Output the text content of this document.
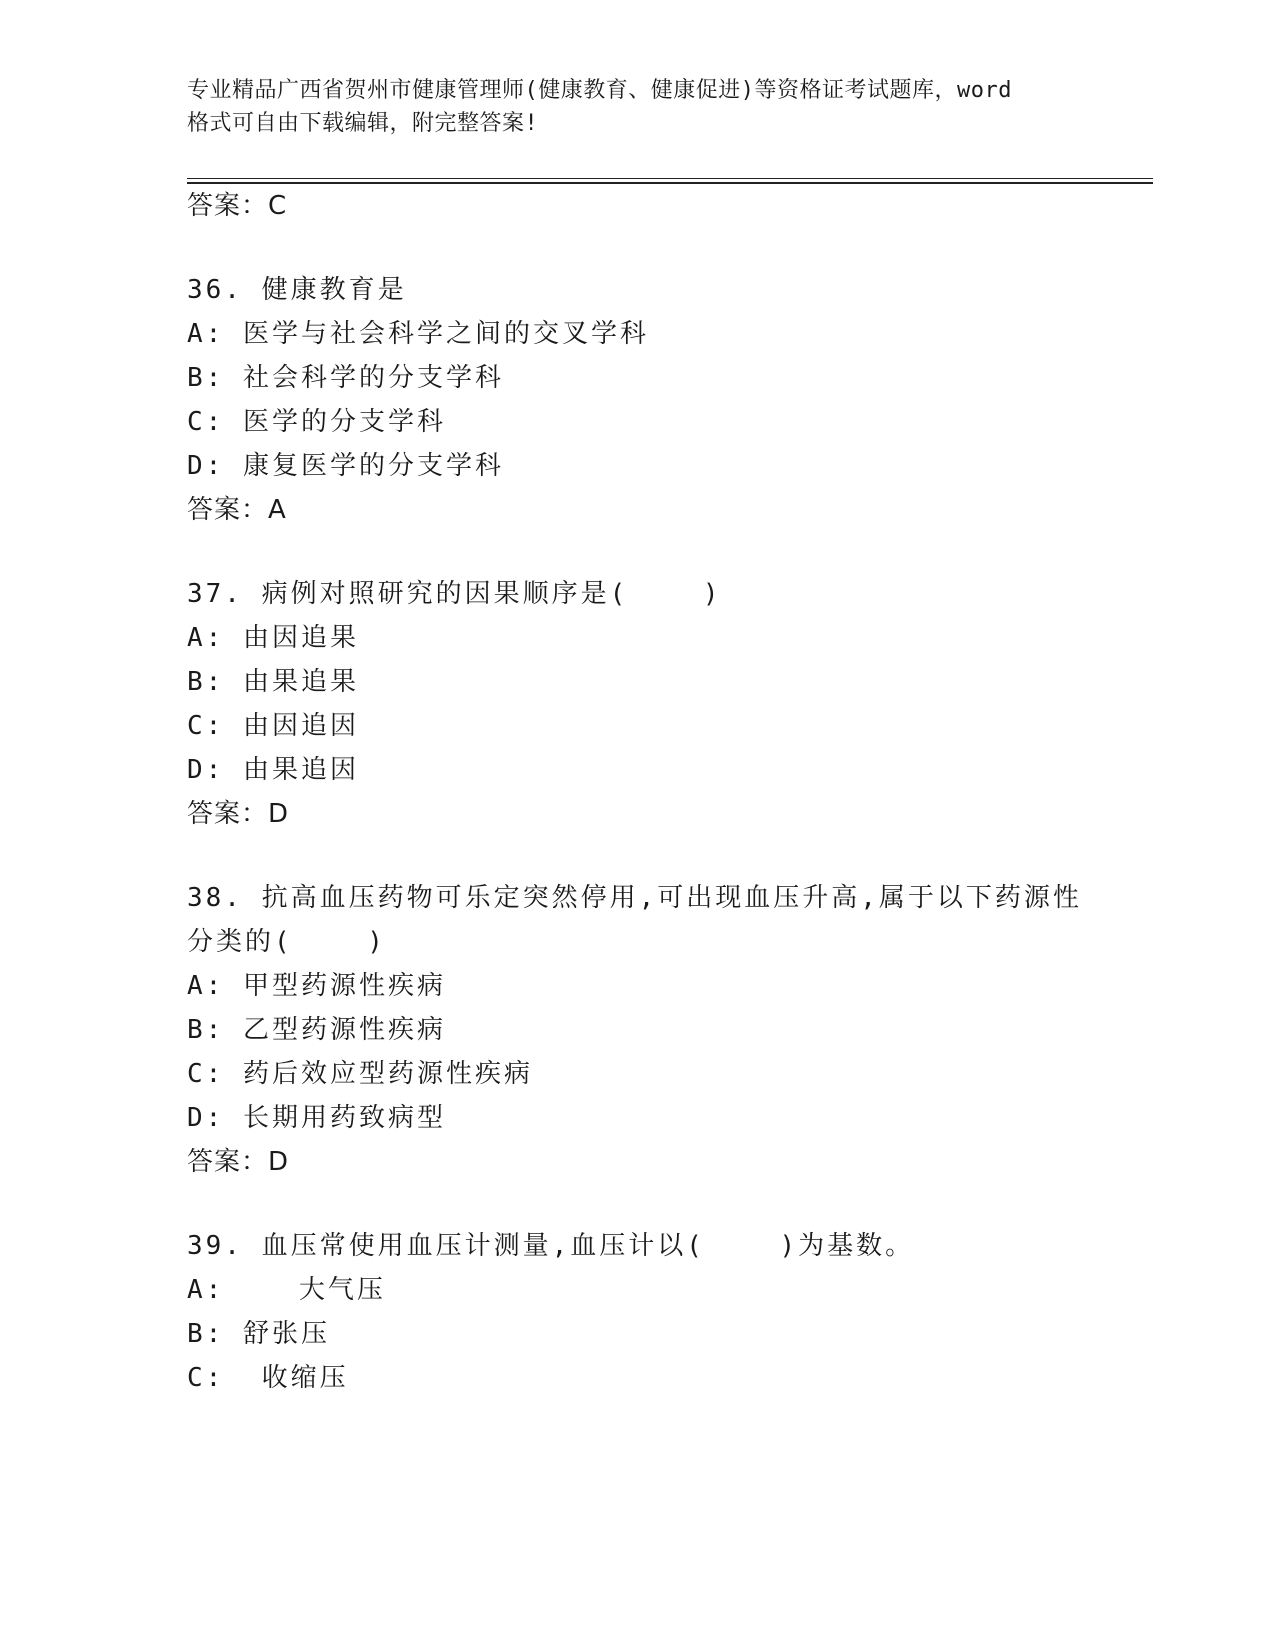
专业精品广西省贺州市健康管理师(健康教育、健康促进)等资格证考试题库，word
格式可自由下载编辑，附完整答案!
答案：C
36. 健康教育是
A: 医学与社会科学之间的交叉学科
B: 社会科学的分支学科
C: 医学的分支学科
D: 康复医学的分支学科
答案：A
37. 病例对照研究的因果顺序是(    )
A: 由因追果
B: 由果追果
C: 由因追因
D: 由果追因
答案：D
38. 抗高血压药物可乐定突然停用,可出现血压升高,属于以下药源性
分类的(    )
A: 甲型药源性疾病
B: 乙型药源性疾病
C: 药后效应型药源性疾病
D: 长期用药致病型
答案：D
39. 血压常使用血压计测量,血压计以(    )为基数。
A:    大气压
B: 舒张压
C:  收缩压
